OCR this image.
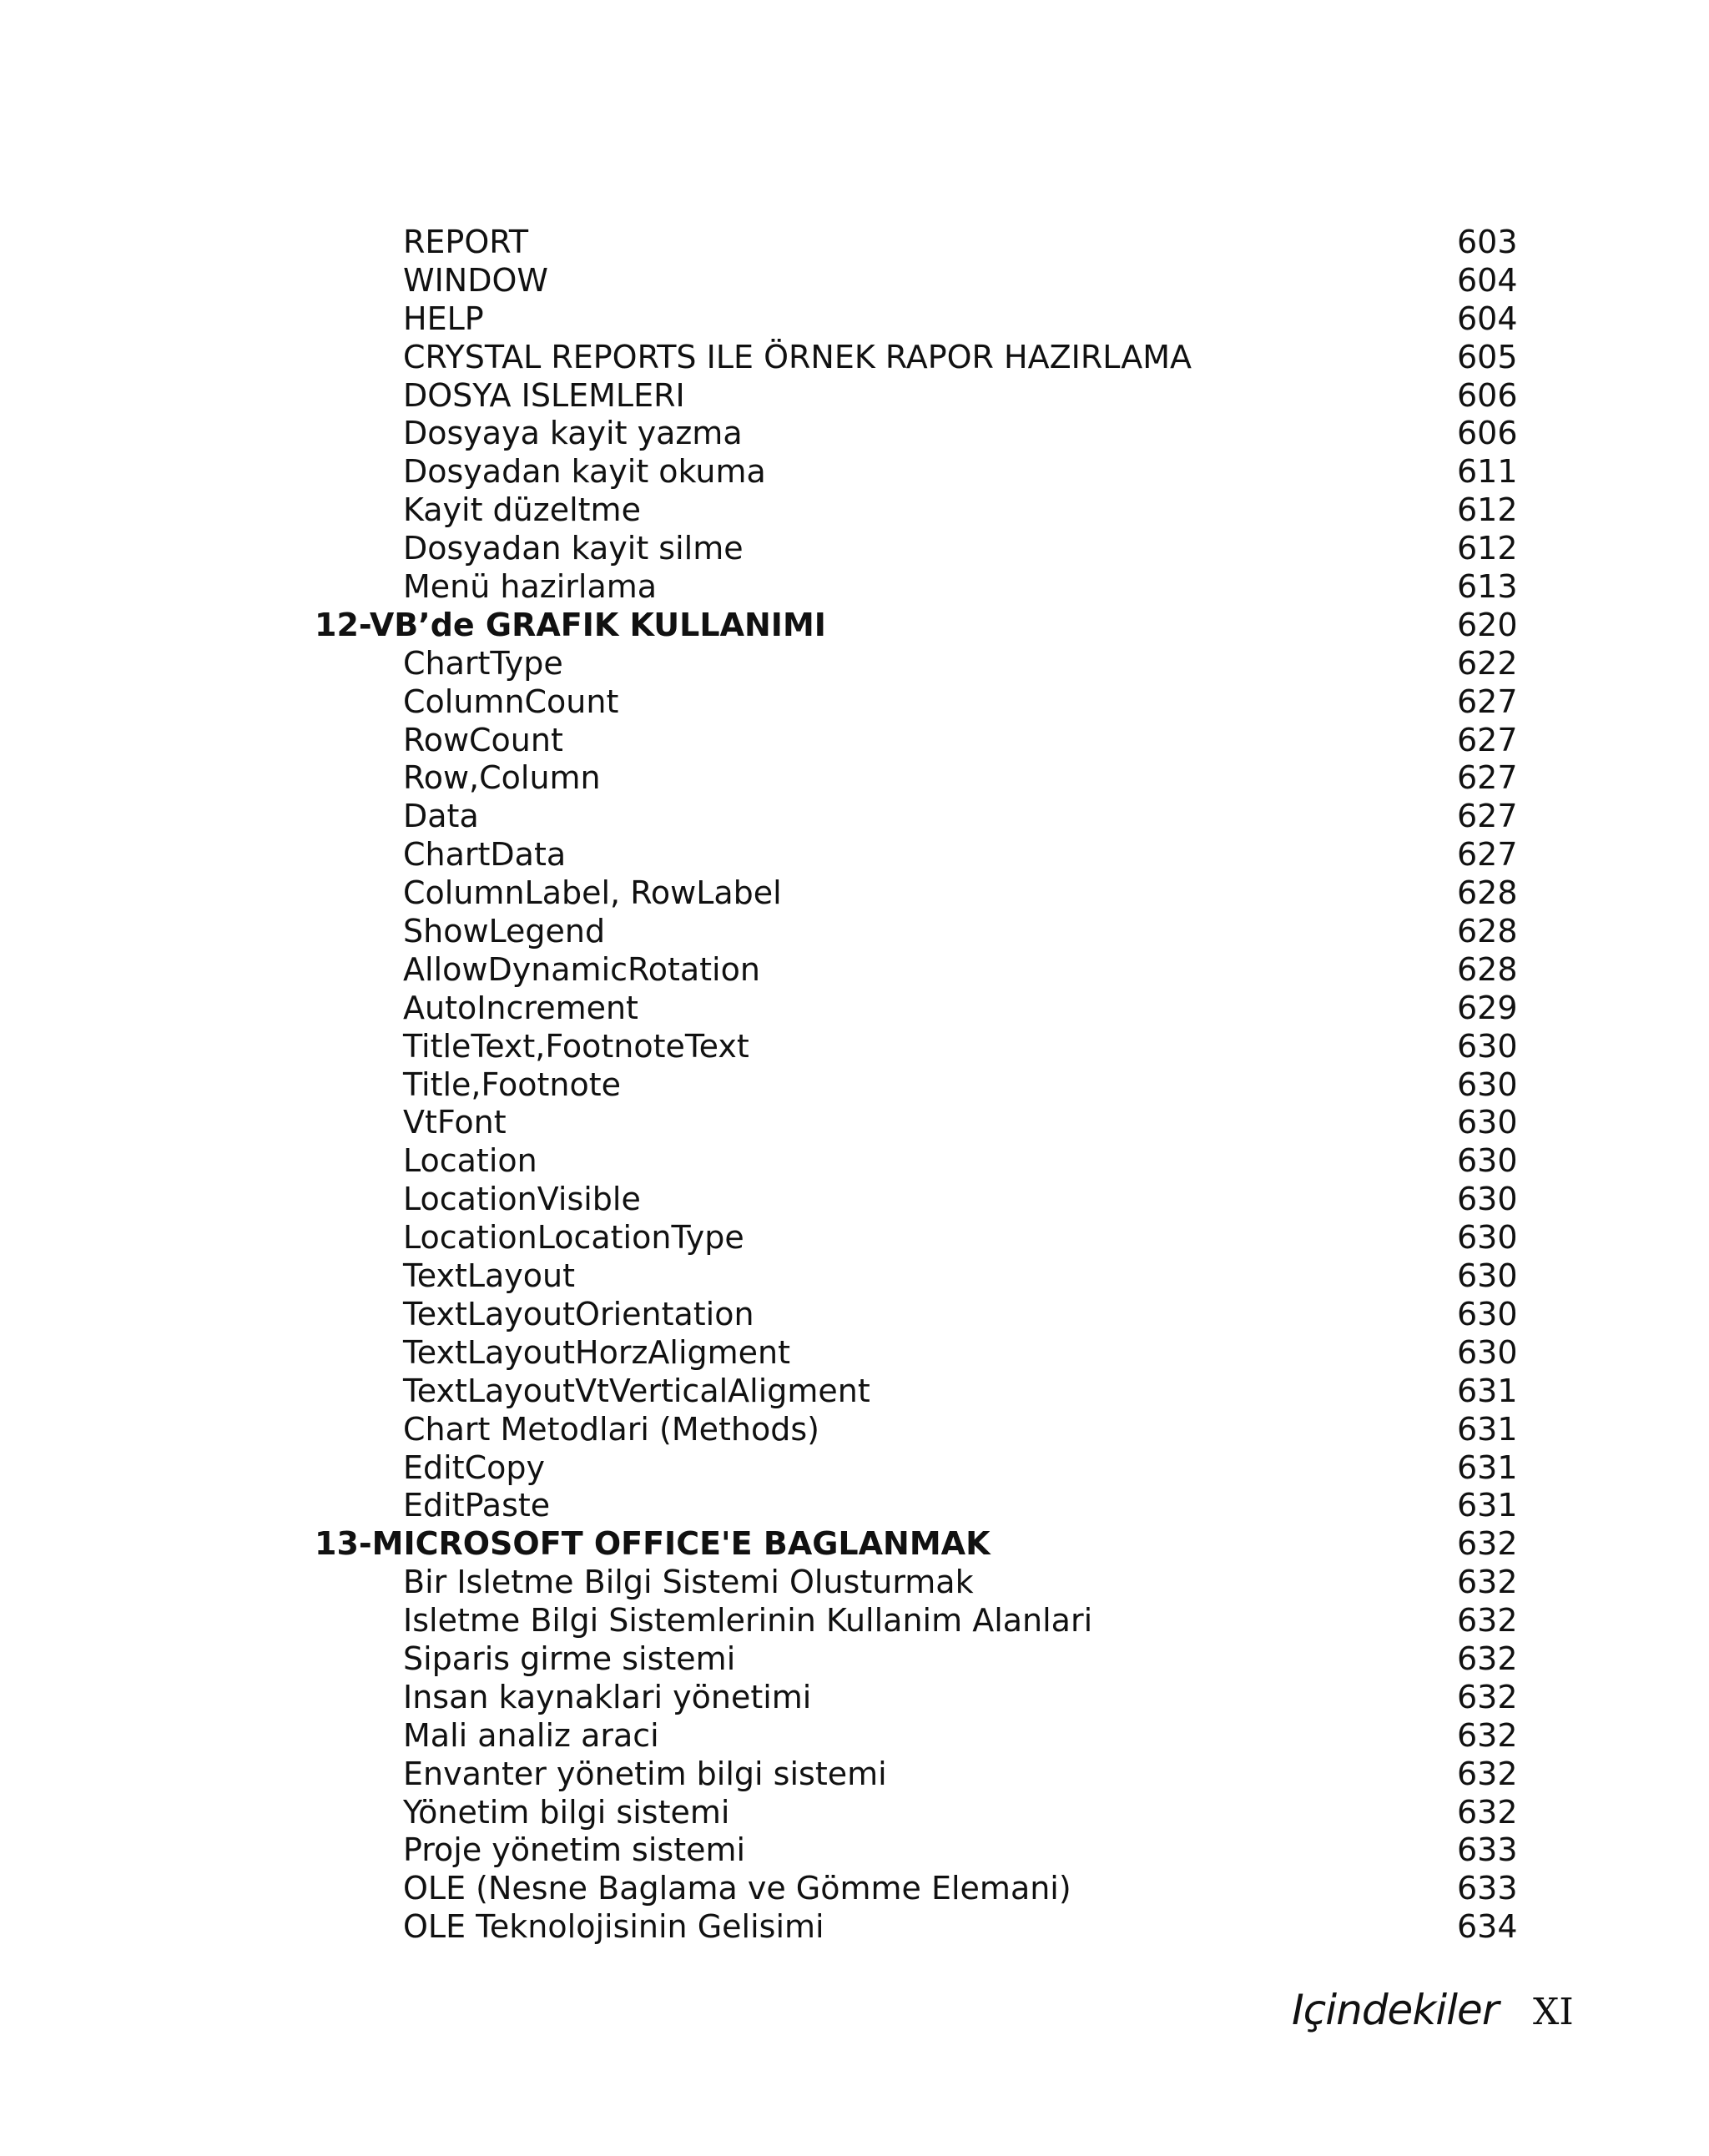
REPORT	603
WINDOW	604
HELP	604
CRYSTAL REPORTS ILE ÖRNEK RAPOR HAZIRLAMA	605
DOSYA ISLEMLERI	606
Dosyaya kayit yazma	606
Dosyadan kayit okuma	611
Kayit düzeltme	612
Dosyadan kayit silme	612
Menü hazirlama	613
12-VB’de GRAFIK KULLANIMI	620
ChartType	622
ColumnCount	627
RowCount	627
Row,Column	627
Data	627
ChartData	627
ColumnLabel, RowLabel	628
ShowLegend	628
AllowDynamicRotation	628
AutoIncrement	629
TitleText,FootnoteText	630
Title,Footnote	630
VtFont	630
Location	630
LocationVisible	630
LocationLocationType	630
TextLayout	630
TextLayoutOrientation	630
TextLayoutHorzAligment	630
TextLayoutVtVerticalAligment	631
Chart Metodlari (Methods)	631
EditCopy	631
EditPaste	631
13-MICROSOFT OFFICE'E BAGLANMAK	632
Bir Isletme Bilgi Sistemi Olusturmak	632
Isletme Bilgi Sistemlerinin Kullanim Alanlari	632
Siparis girme sistemi	632
Insan kaynaklari yönetimi	632
Mali analiz araci	632
Envanter yönetim bilgi sistemi	632
Yönetim bilgi sistemi	632
Proje yönetim sistemi	633
OLE (Nesne Baglama ve Gömme Elemani)	633
OLE Teknolojisinin Gelisimi	634
Içindekiler XI
